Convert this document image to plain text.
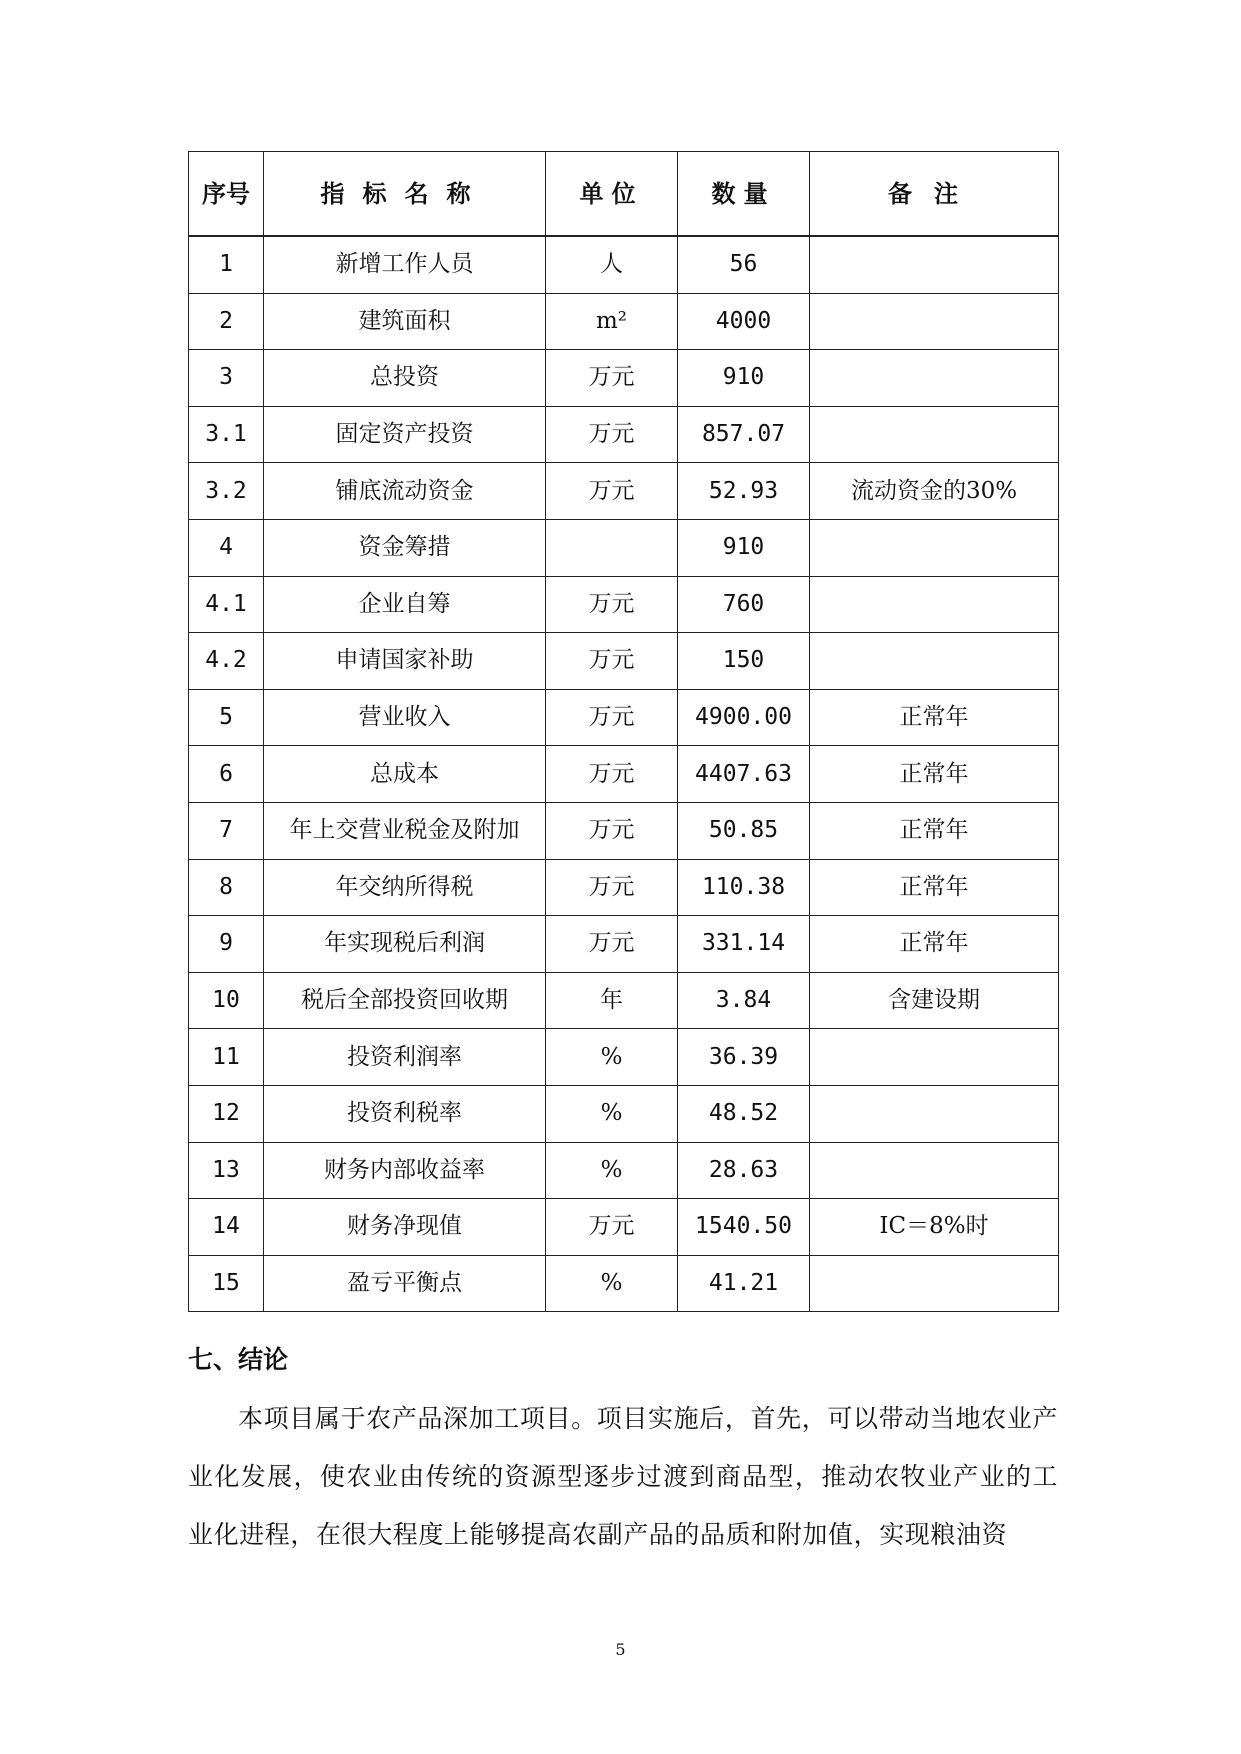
序号	指标名称	单位	数量	备注
1	新增工作人员	人	56	
2	建筑面积	m²	4000	
3	总投资	万元	910	
3.1	固定资产投资	万元	857.07	
3.2	铺底流动资金	万元	52.93	流动资金的30%
4	资金筹措		910	
4.1	企业自筹	万元	760	
4.2	申请国家补助	万元	150	
5	营业收入	万元	4900.00	正常年
6	总成本	万元	4407.63	正常年
7	年上交营业税金及附加	万元	50.85	正常年
8	年交纳所得税	万元	110.38	正常年
9	年实现税后利润	万元	331.14	正常年
10	税后全部投资回收期	年	3.84	含建设期
11	投资利润率	%	36.39	
12	投资利税率	%	48.52	
13	财务内部收益率	%	28.63	
14	财务净现值	万元	1540.50	IC＝8%时
15	盈亏平衡点	%	41.21	
七、结论

本项目属于农产品深加工项目。项目实施后，首先，可以带动当地农业产业化发展，使农业由传统的资源型逐步过渡到商品型，推动农牧业产业的工业化进程，在很大程度上能够提高农副产品的品质和附加值，实现粮油资

5
